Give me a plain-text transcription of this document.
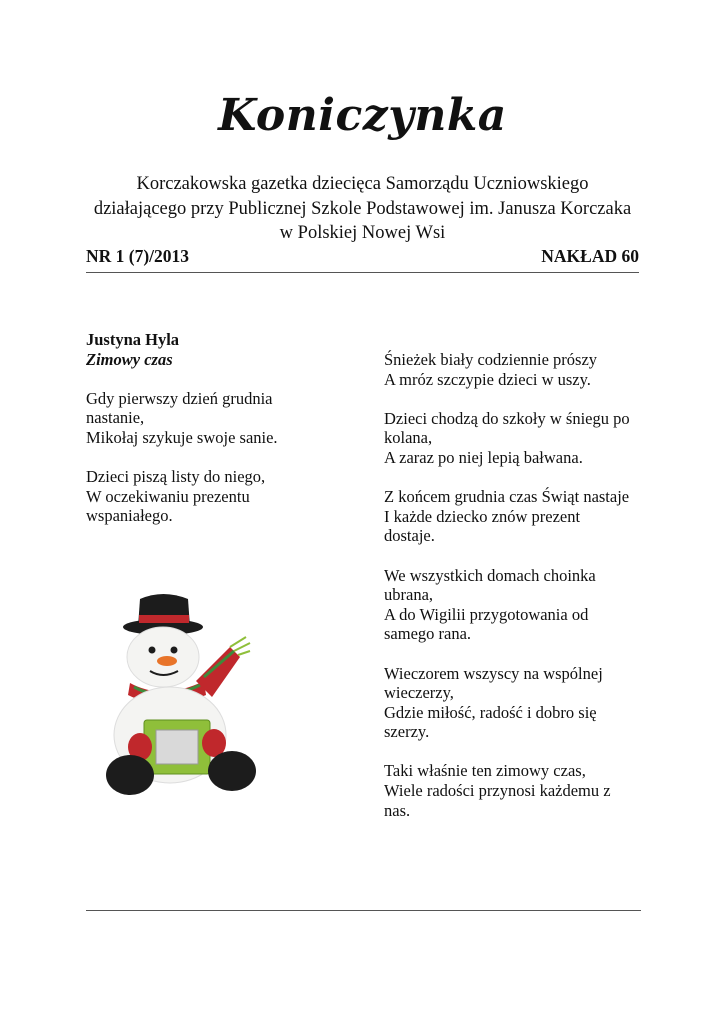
Koniczynka
Korczakowska gazetka dziecięca Samorządu Uczniowskiego
działającego przy Publicznej Szkole Podstawowej im. Janusza Korczaka
w Polskiej Nowej Wsi
NR 1 (7)/2013	NAKŁAD 60
Justyna Hyla
Zimowy czas
Gdy pierwszy dzień grudnia
nastanie,
Mikołaj szykuje swoje sanie.
Dzieci piszą listy do niego,
W oczekiwaniu prezentu
wspaniałego.
Śnieżek biały codziennie prószy
A mróz szczypie dzieci w uszy.
Dzieci chodzą do szkoły w śniegu po
kolana,
A zaraz po niej lepią bałwana.
Z końcem grudnia czas Świąt nastaje
I każde dziecko znów prezent
dostaje.
We wszystkich domach choinka
ubrana,
A do Wigilii przygotowania od
samego rana.
Wieczorem wszyscy na wspólnej
wieczerzy,
Gdzie miłość, radość i dobro się
szerzy.
Taki właśnie ten zimowy czas,
Wiele radości przynosi każdemu z
nas.
